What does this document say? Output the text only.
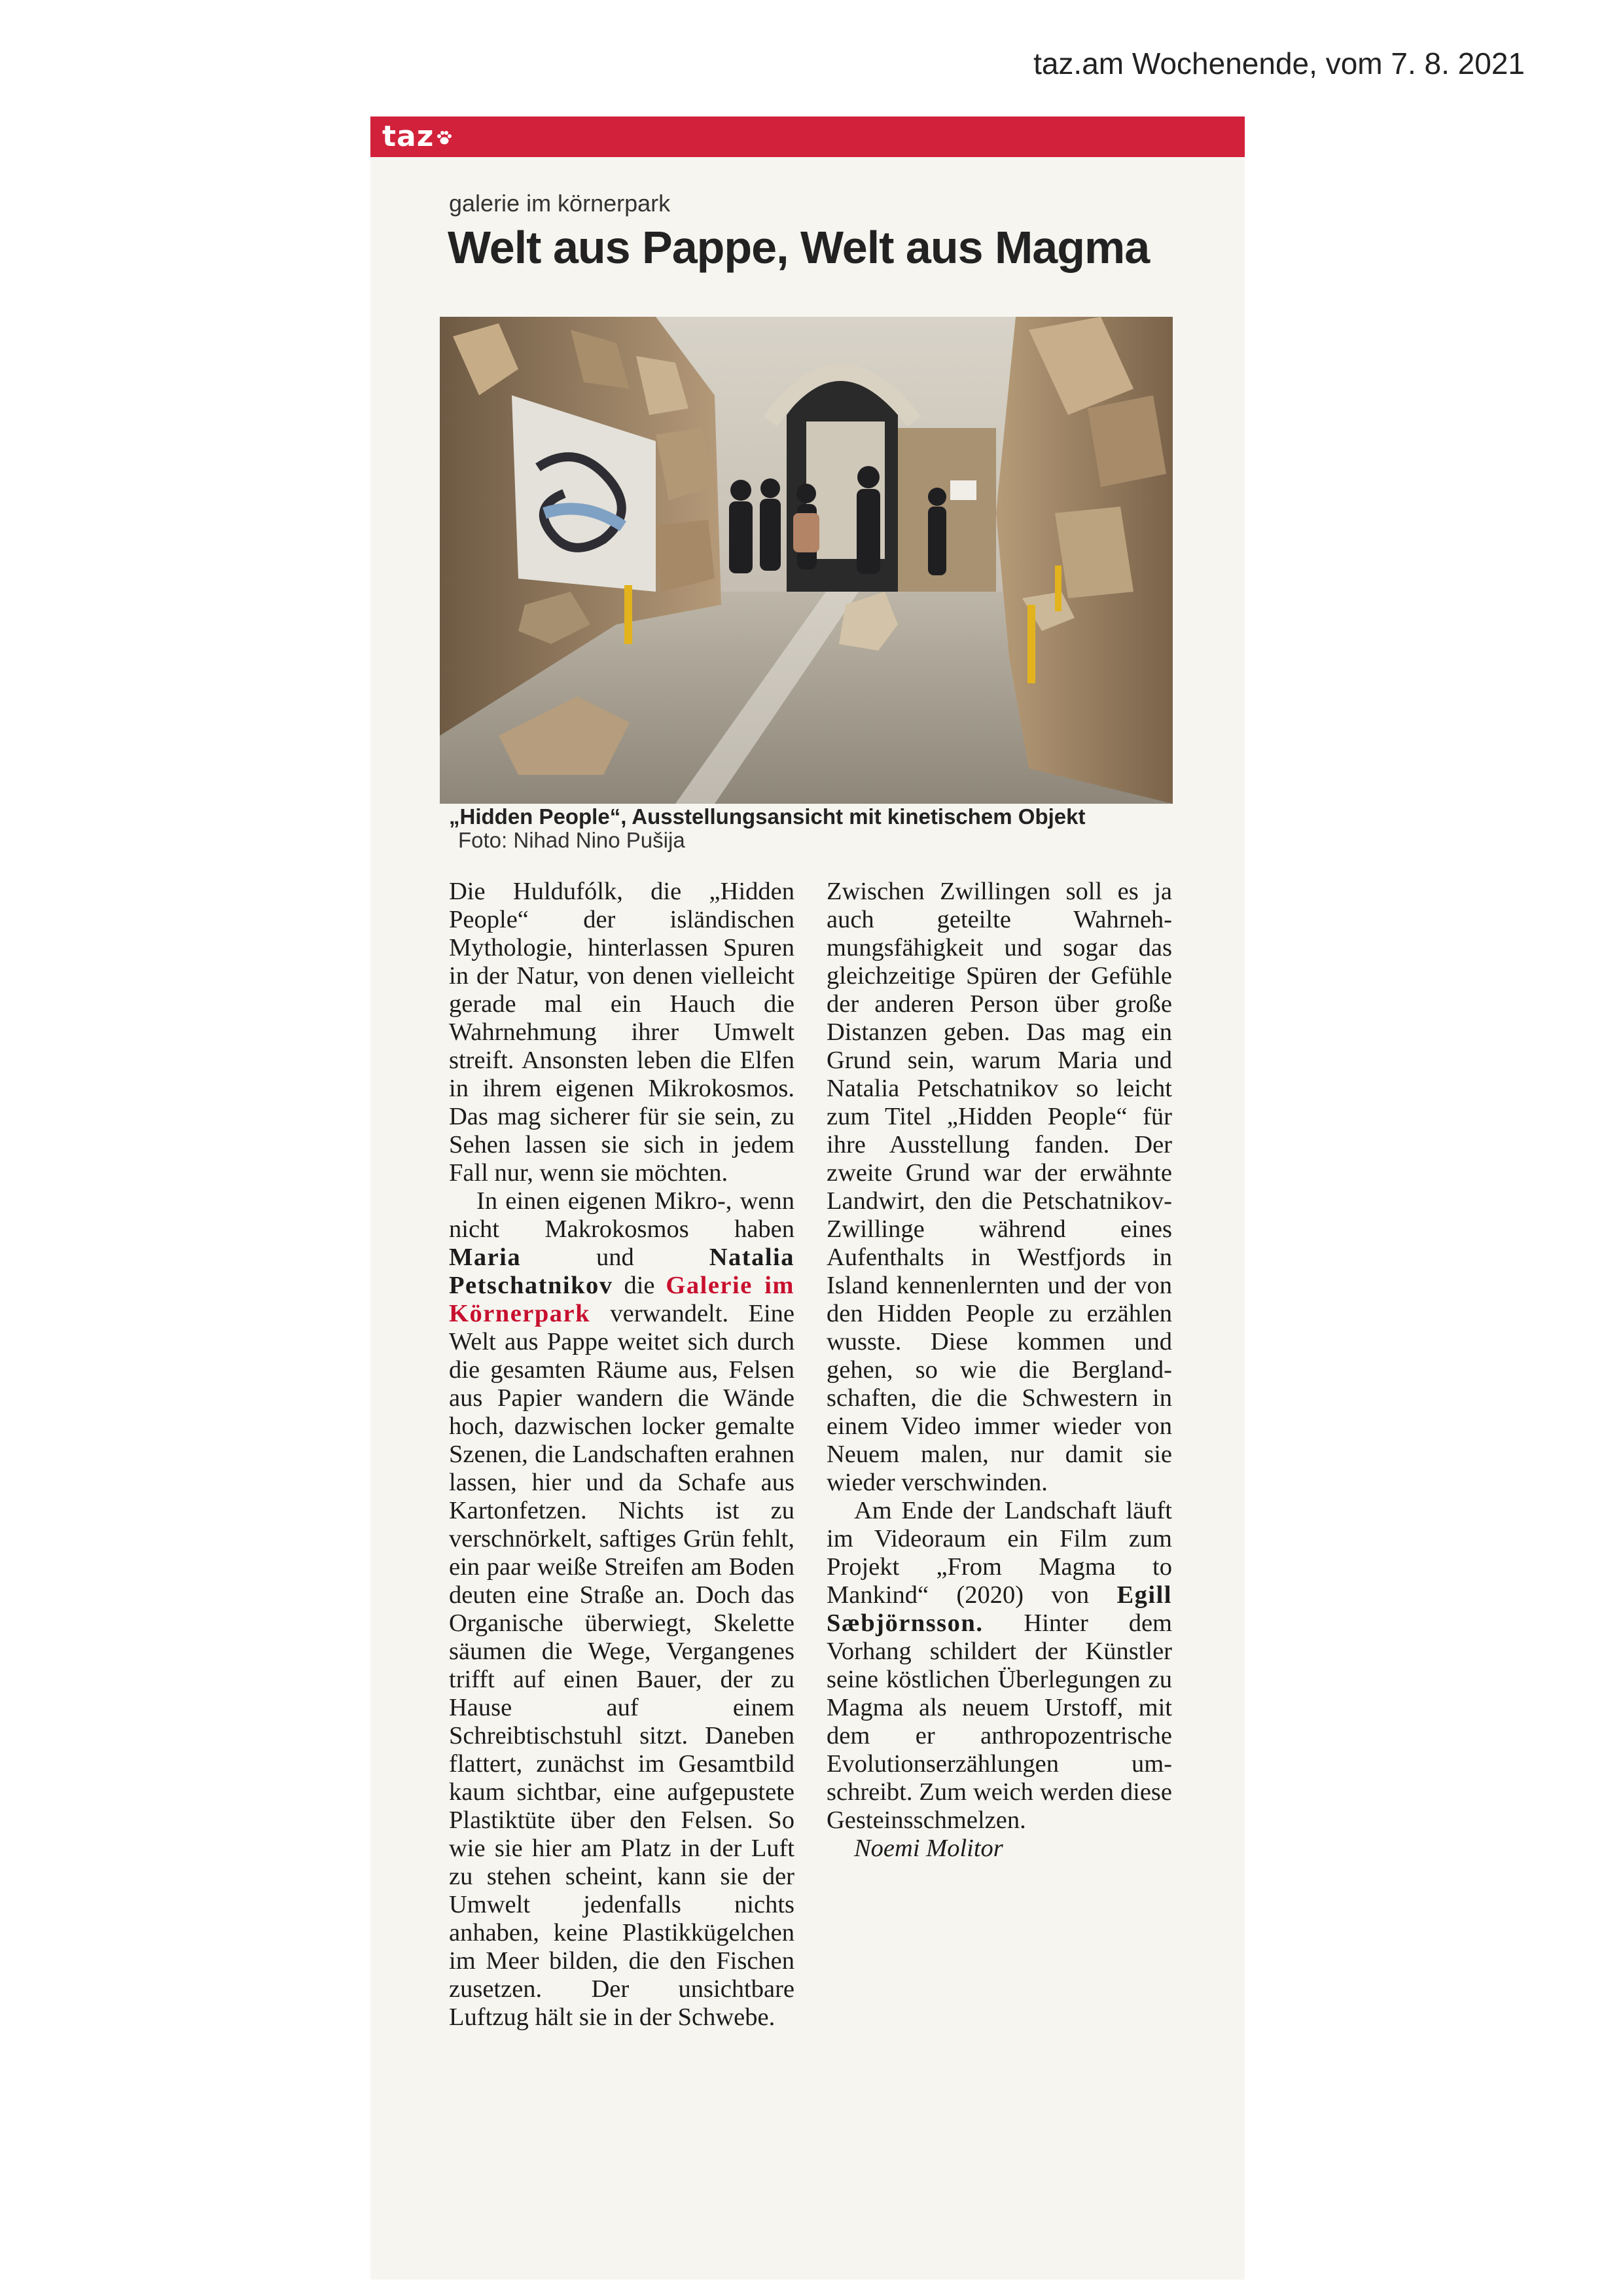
taz.am Wochenende, vom 7. 8. 2021
taz
galerie im körnerpark
Welt aus Pappe, Welt aus Magma
„Hidden People“, Ausstellungsansicht mit kinetischem Objekt
Foto: Nihad Nino Pušija

Die Huldufólk, die „Hidden People“ der isländischen Mythologie, hinterlassen Spuren in der Natur, von denen vielleicht gerade mal ein Hauch die Wahrnehmung ihrer Umwelt streift. Ansonsten leben die Elfen in ihrem eigenen Mikrokosmos. Das mag sicherer für sie sein, zu Sehen lassen sie sich in jedem Fall nur, wenn sie möchten.

In einen eigenen Mikro-, wenn nicht Makrokosmos haben Maria und Natalia Petschatnikov die Galerie im Körnerpark verwandelt. Eine Welt aus Pappe weitet sich durch die gesamten Räume aus, Felsen aus Papier wandern die Wände hoch, dazwischen locker gemalte Szenen, die Landschaften erahnen lassen, hier und da Schafe aus Kartonfetzen. Nichts ist zu verschnörkelt, saftiges Grün fehlt, ein paar weiße Streifen am Boden deuten eine Straße an. Doch das Organische überwiegt, Skelette säumen die Wege, Vergangenes trifft auf einen Bauer, der zu Hause auf einem Schreibtischstuhl sitzt. Daneben flattert, zunächst im Gesamtbild kaum sichtbar, eine aufgepustete Plastiktüte über den Felsen. So wie sie hier am Platz in der Luft zu stehen scheint, kann sie der Umwelt jedenfalls nichts anhaben, keine Plastikkügelchen im Meer bilden, die den Fischen zusetzen. Der unsichtbare Luftzug hält sie in der Schwebe.

Zwischen Zwillingen soll es ja auch geteilte Wahrnehmungsfähigkeit und sogar das gleichzeitige Spüren der Gefühle der anderen Person über große Distanzen geben. Das mag ein Grund sein, warum Maria und Natalia Petschatnikov so leicht zum Titel „Hidden People“ für ihre Ausstellung fanden. Der zweite Grund war der erwähnte Landwirt, den die Petschatnikov-Zwillinge während eines Aufenthalts in Westfjords in Island kennenlernten und der von den Hidden People zu erzählen wusste. Diese kommen und gehen, so wie die Berglandschaften, die die Schwestern in einem Video immer wieder von Neuem malen, nur damit sie wieder verschwinden.

Am Ende der Landschaft läuft im Videoraum ein Film zum Projekt „From Magma to Mankind“ (2020) von Egill Sæbjörnsson. Hinter dem Vorhang schildert der Künstler seine köstlichen Überlegungen zu Magma als neuem Urstoff, mit dem er anthropozentrische Evolutionserzählungen umschreibt. Zum weich werden diese Gesteinsschmelzen.
Noemi Molitor
